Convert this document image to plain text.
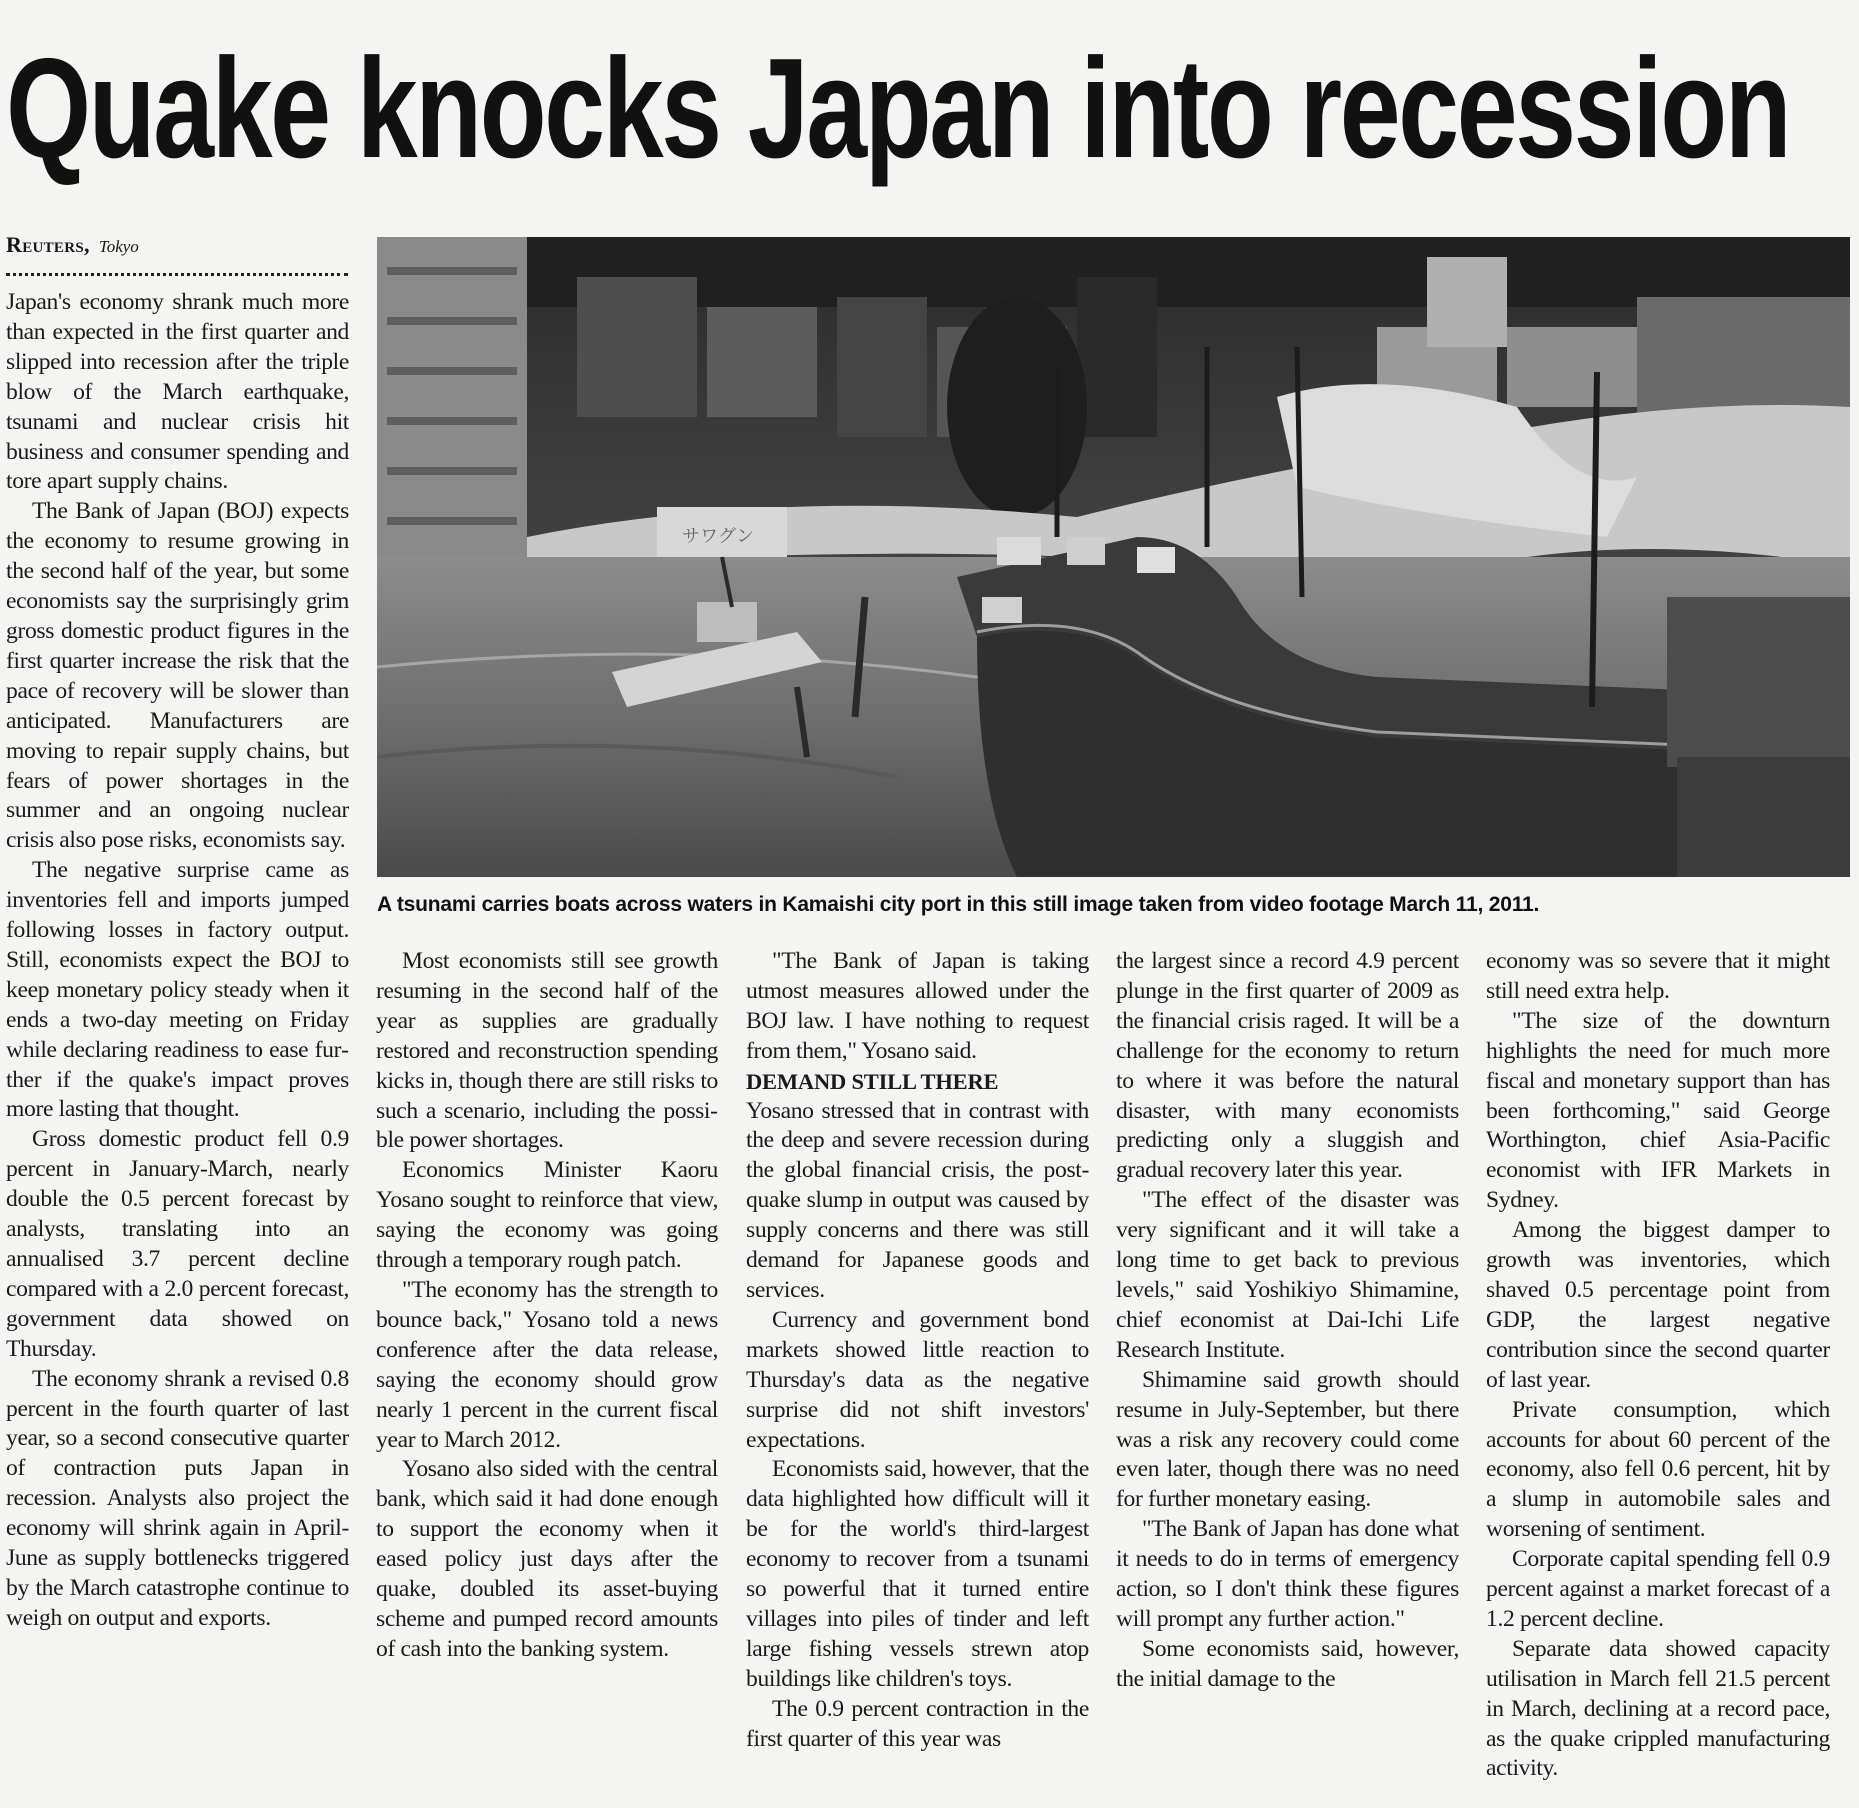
Quake knocks Japan into recession
Reuters, Tokyo
サワグン

A tsunami carries boats across waters in Kamaishi city port in this still image taken from video footage March 11, 2011.

Japan's economy shrank much more than expected in the first quarter and slipped into recession after the triple blow of the March earthquake, tsunami and nuclear crisis hit business and consumer spending and tore apart supply chains.

The Bank of Japan (BOJ) expects the economy to resume growing in the second half of the year, but some economists say the surprisingly grim gross domestic product figures in the first quarter increase the risk that the pace of recovery will be slower than anticipated. Manufacturers are moving to repair supply chains, but fears of power shortages in the summer and an ongoing nuclear crisis also pose risks, economists say.

The negative surprise came as inventories fell and imports jumped following losses in factory output. Still, economists expect the BOJ to keep monetary policy steady when it ends a two-day meeting on Friday while declaring readiness to ease further if the quake's impact proves more lasting that thought.

Gross domestic product fell 0.9 percent in January-March, nearly double the 0.5 percent forecast by analysts, translating into an annualised 3.7 percent decline compared with a 2.0 percent forecast, government data showed on Thursday.

The economy shrank a revised 0.8 percent in the fourth quarter of last year, so a second consecutive quarter of contraction puts Japan in recession. Analysts also project the economy will shrink again in April-June as supply bottlenecks triggered by the March catastrophe continue to weigh on output and exports.

Most economists still see growth resuming in the second half of the year as supplies are gradually restored and reconstruction spending kicks in, though there are still risks to such a scenario, including the possible power shortages.

Economics Minister Kaoru Yosano sought to reinforce that view, saying the economy was going through a temporary rough patch.

"The economy has the strength to bounce back," Yosano told a news conference after the data release, saying the economy should grow nearly 1 percent in the current fiscal year to March 2012.

Yosano also sided with the central bank, which said it had done enough to support the economy when it eased policy just days after the quake, doubled its asset-buying scheme and pumped record amounts of cash into the banking system.

"The Bank of Japan is taking utmost measures allowed under the BOJ law. I have nothing to request from them," Yosano said.

DEMAND STILL THERE

Yosano stressed that in contrast with the deep and severe recession during the global financial crisis, the post-quake slump in output was caused by supply concerns and there was still demand for Japanese goods and services.

Currency and government bond markets showed little reaction to Thursday's data as the negative surprise did not shift investors' expectations.

Economists said, however, that the data highlighted how difficult will it be for the world's third-largest economy to recover from a tsunami so powerful that it turned entire villages into piles of tinder and left large fishing vessels strewn atop buildings like children's toys.

The 0.9 percent contraction in the first quarter of this year was

the largest since a record 4.9 percent plunge in the first quarter of 2009 as the financial crisis raged. It will be a challenge for the economy to return to where it was before the natural disaster, with many economists predicting only a sluggish and gradual recovery later this year.

"The effect of the disaster was very significant and it will take a long time to get back to previous levels," said Yoshikiyo Shimamine, chief economist at Dai-Ichi Life Research Institute.

Shimamine said growth should resume in July-September, but there was a risk any recovery could come even later, though there was no need for further monetary easing.

"The Bank of Japan has done what it needs to do in terms of emergency action, so I don't think these figures will prompt any further action."

Some economists said, however, the initial damage to the

economy was so severe that it might still need extra help.

"The size of the downturn highlights the need for much more fiscal and monetary support than has been forthcoming," said George Worthington, chief Asia-Pacific economist with IFR Markets in Sydney.

Among the biggest damper to growth was inventories, which shaved 0.5 percentage point from GDP, the largest negative contribution since the second quarter of last year.

Private consumption, which accounts for about 60 percent of the economy, also fell 0.6 percent, hit by a slump in automobile sales and worsening of sentiment.

Corporate capital spending fell 0.9 percent against a market forecast of a 1.2 percent decline.

Separate data showed capacity utilisation in March fell 21.5 percent in March, declining at a record pace, as the quake crippled manufacturing activity.
